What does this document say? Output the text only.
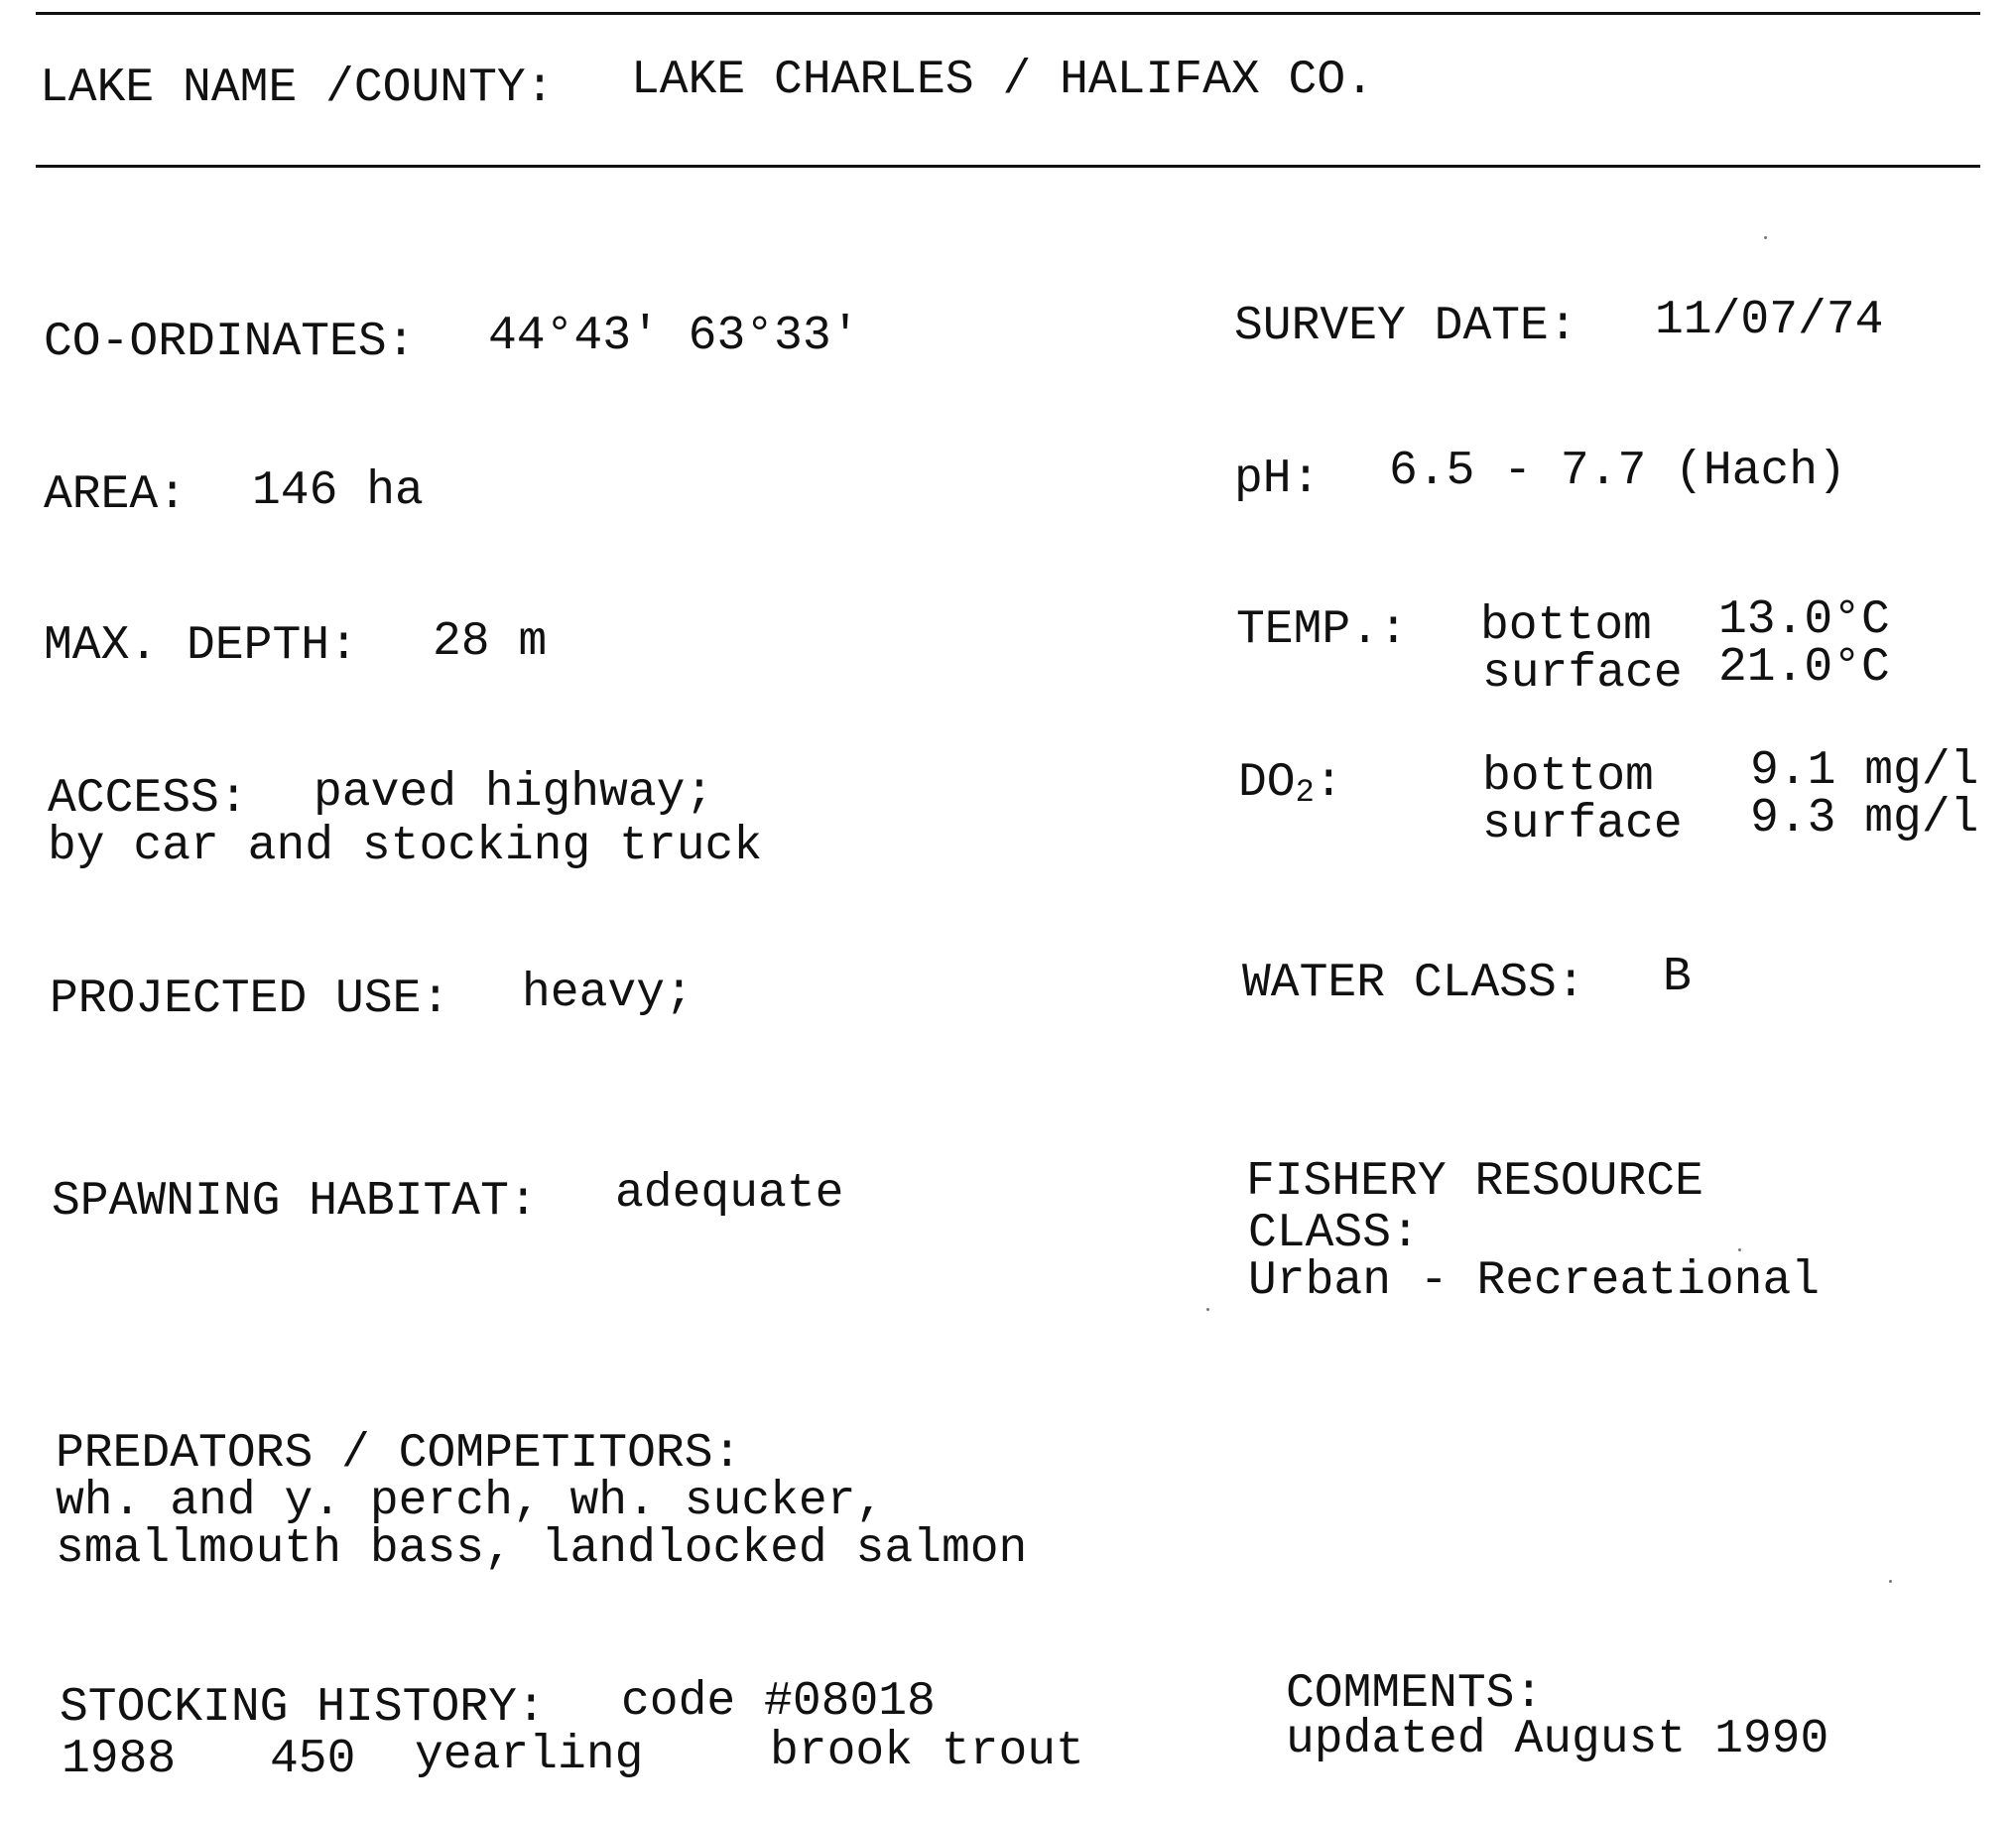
LAKE NAME /COUNTY: LAKE CHARLES / HALIFAX CO.
CO-ORDINATES: 44°43' 63°33'
AREA: 146 ha
MAX. DEPTH: 28 m
ACCESS: paved highway;
by car and stocking truck
PROJECTED USE: heavy;
SPAWNING HABITAT: adequate
PREDATORS / COMPETITORS:
wh. and y. perch, wh. sucker,
smallmouth bass, landlocked salmon
STOCKING HISTORY: code #08018
1988 450 yearling	brook trout
SURVEY DATE: 11/07/74
pH: 6.5 - 7.7 (Hach)
TEMP.: bottom 13.0°C
surface 21.0°C
DO2:	bottom 9.1 mg/l
surface 9.3 mg/l
WATER CLASS: B
FISHERY RESOURCE
CLASS:
Urban - Recreational
COMMENTS:
updated August 1990
